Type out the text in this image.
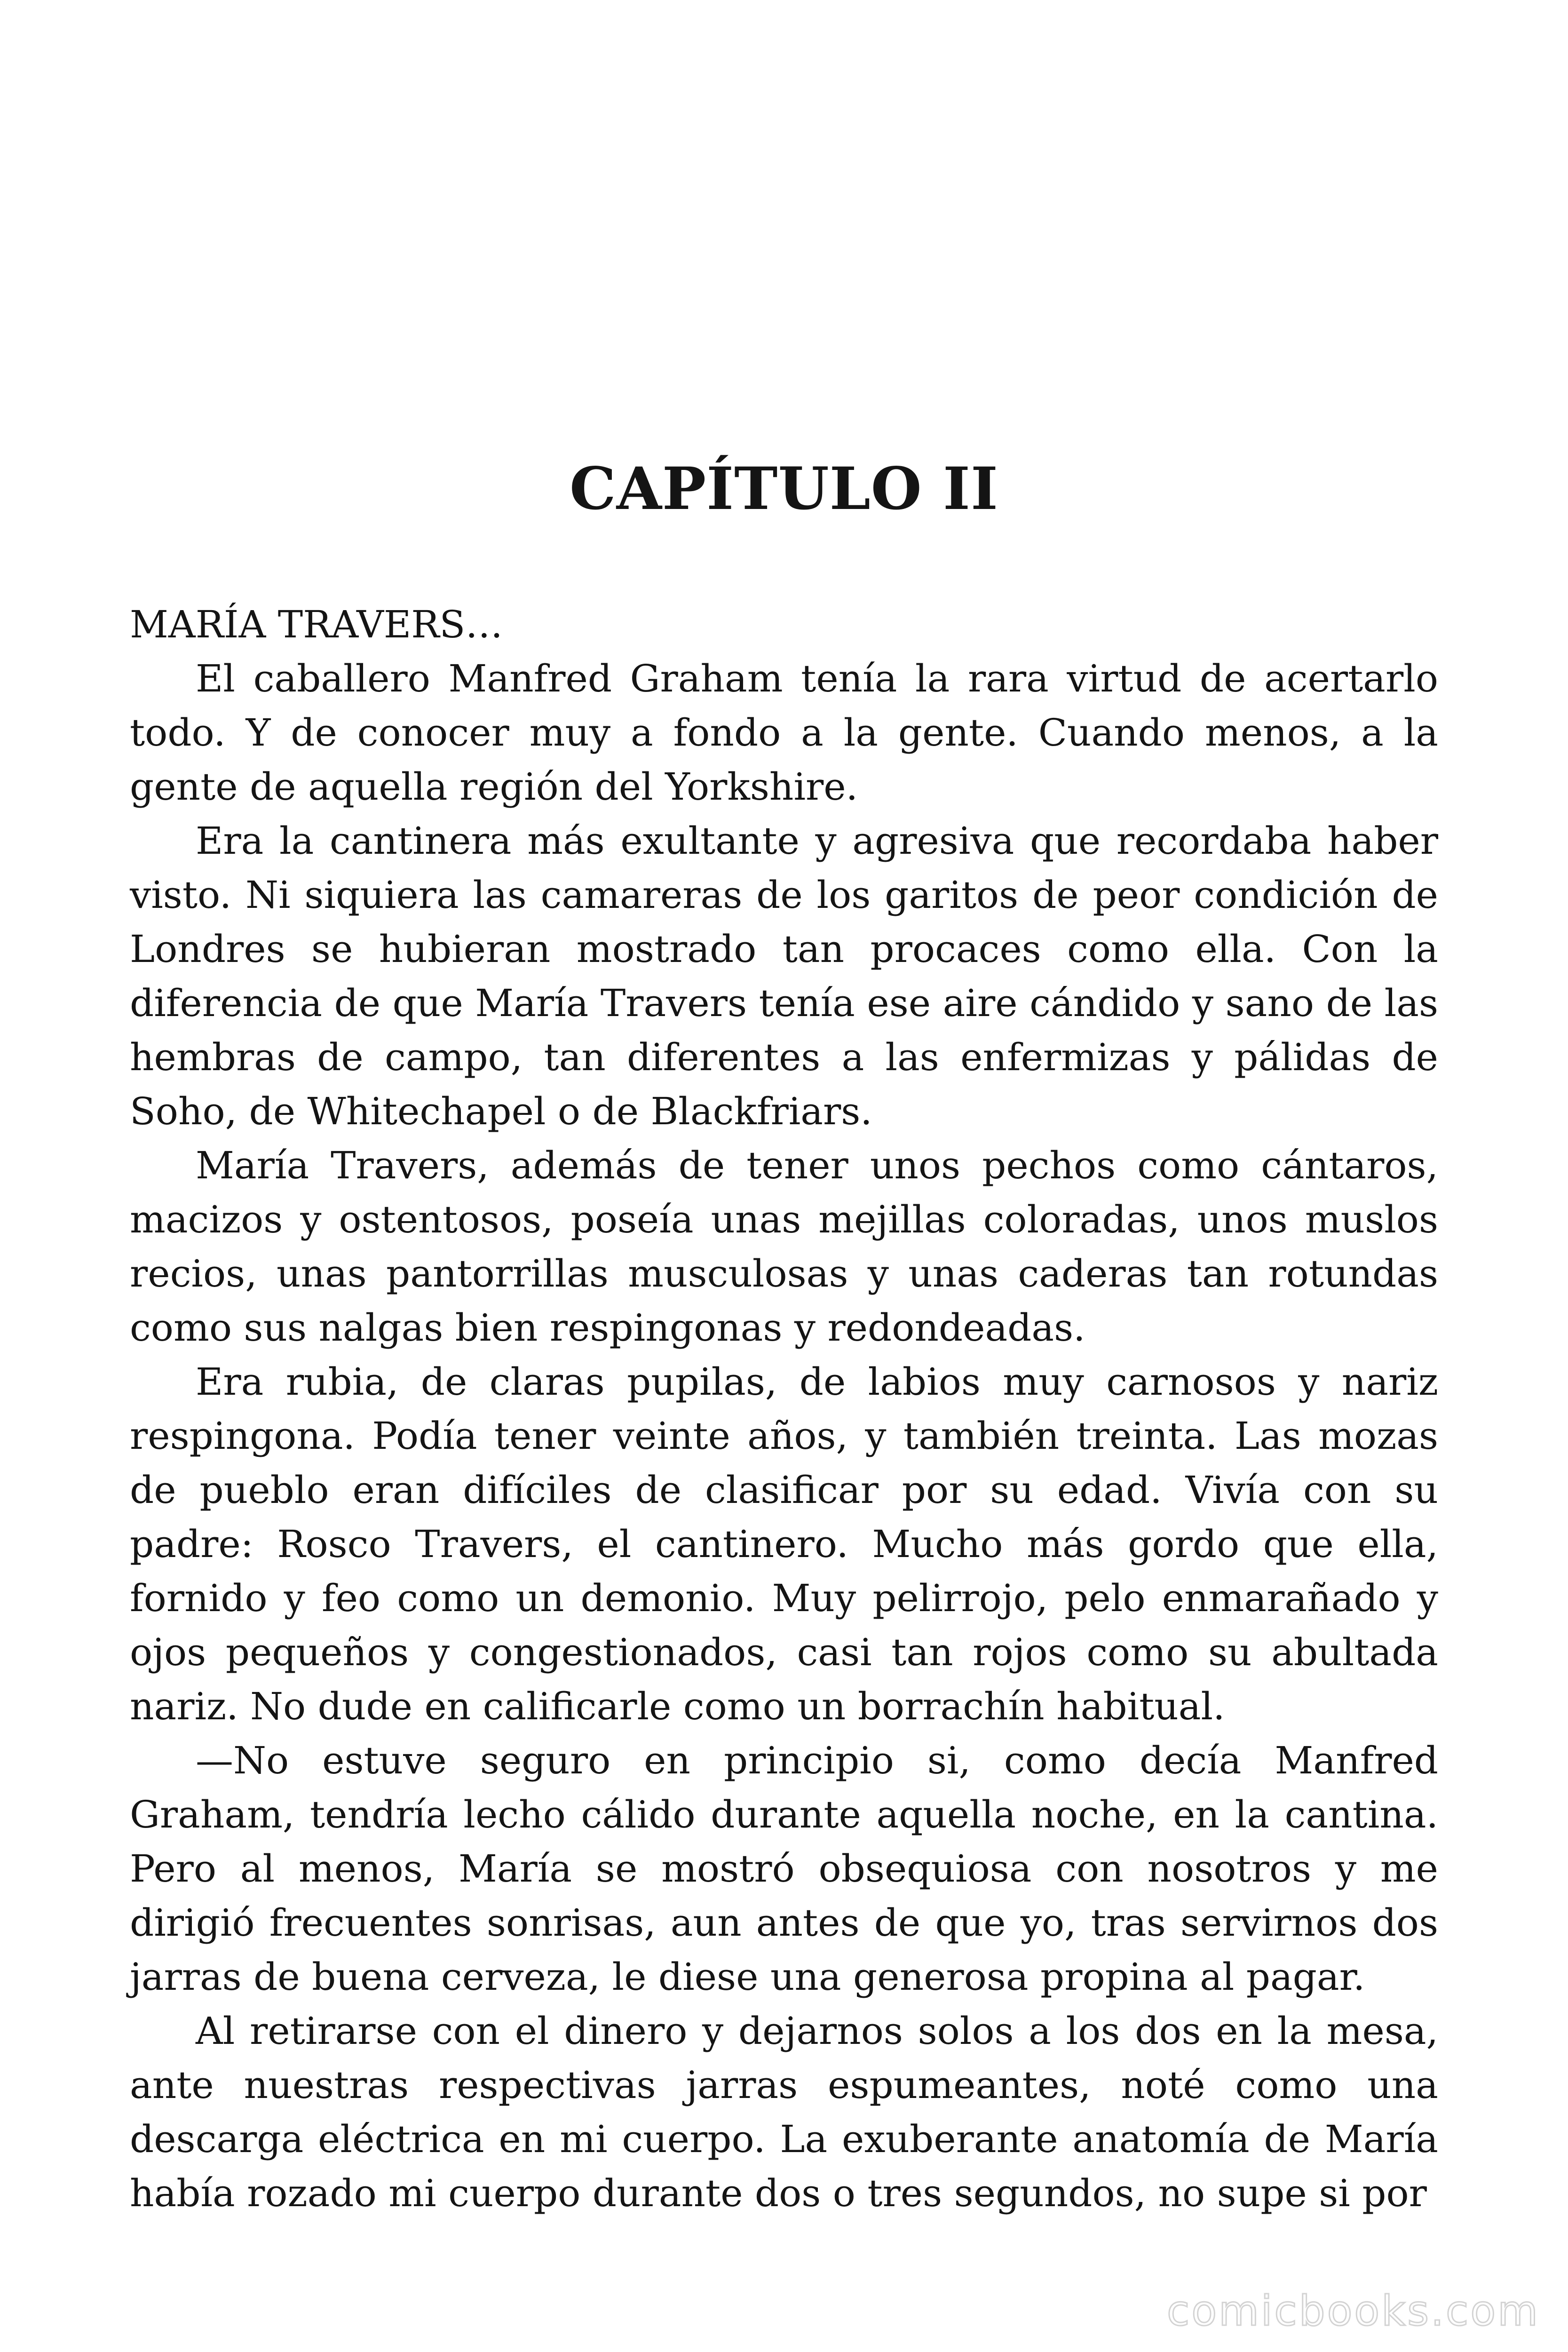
CAPÍTULO II

MARÍA TRAVERS…

El caballero Manfred Graham tenía la rara virtud de acertarlo todo. Y de conocer muy a fondo a la gente. Cuando menos, a la gente de aquella región del Yorkshire.

Era la cantinera más exultante y agresiva que recordaba haber visto. Ni siquiera las camareras de los garitos de peor condición de Londres se hubieran mostrado tan procaces como ella. Con la diferencia de que María Travers tenía ese aire cándido y sano de las hembras de campo, tan diferentes a las enfermizas y pálidas de Soho, de Whitechapel o de Blackfriars.

María Travers, además de tener unos pechos como cántaros, macizos y ostentosos, poseía unas mejillas coloradas, unos muslos recios, unas pantorrillas musculosas y unas caderas tan rotundas como sus nalgas bien respingonas y redondeadas.

Era rubia, de claras pupilas, de labios muy carnosos y nariz respingona. Podía tener veinte años, y también treinta. Las mozas de pueblo eran difíciles de clasificar por su edad. Vivía con su padre: Rosco Travers, el cantinero. Mucho más gordo que ella, fornido y feo como un demonio. Muy pelirrojo, pelo enmarañado y ojos pequeños y congestionados, casi tan rojos como su abultada nariz. No dude en calificarle como un borrachín habitual.

—No estuve seguro en principio si, como decía Manfred Graham, tendría lecho cálido durante aquella noche, en la cantina. Pero al menos, María se mostró obsequiosa con nosotros y me dirigió frecuentes sonrisas, aun antes de que yo, tras servirnos dos jarras de buena cerveza, le diese una generosa propina al pagar.

Al retirarse con el dinero y dejarnos solos a los dos en la mesa, ante nuestras respectivas jarras espumeantes, noté como una descarga eléctrica en mi cuerpo. La exuberante anatomía de María había rozado mi cuerpo durante dos o tres segundos, no supe si por

comicbooks.com
